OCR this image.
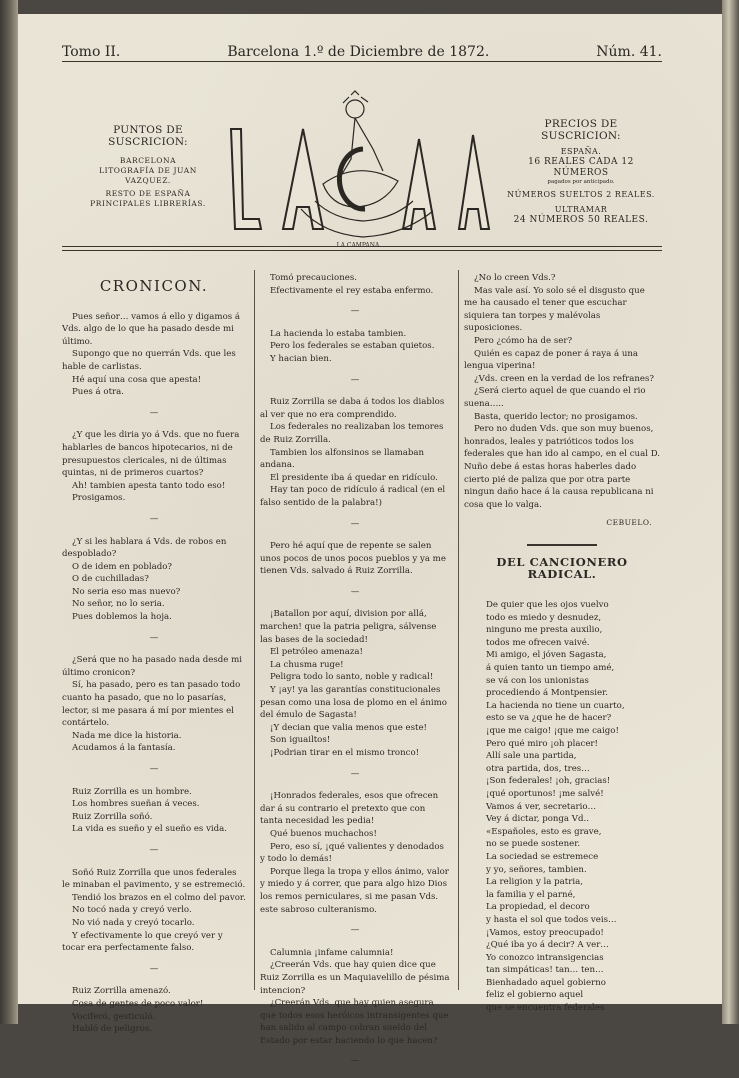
Tomo II.	Barcelona 1.º de Diciembre de 1872.	Núm. 41.
PUNTOS DE SUSCRICION:
BARCELONA
LITOGRAFÍA DE JUAN VAZQUEZ.
RESTO DE ESPAÑA
PRINCIPALES LIBRERÍAS.
LA CAMPANA
PRECIOS DE SUSCRICION:
ESPAÑA.
16 REALES CADA 12 NÚMEROS
pagados por anticipado.
NÚMEROS SUELTOS 2 REALES.
ULTRAMAR
24 NÚMEROS 50 REALES.
CRONICON.

Pues señor… vamos á ello y digamos á Vds. algo de lo que ha pasado desde mi último.

Supongo que no querrán Vds. que les hable de carlistas.

Hé aquí una cosa que apesta!

Pues á otra.

—

¿Y que les diria yo á Vds. que no fuera hablarles de bancos hipotecarios, ni de presupuestos clericales, ni de últimas quintas, ni de primeros cuartos?

Ah! tambien apesta tanto todo eso!

Prosigamos.

—

¿Y si les hablara á Vds. de robos en despoblado?

O de idem en poblado?

O de cuchilladas?

No seria eso mas nuevo?

No señor, no lo seria.

Pues doblemos la hoja.

—

¿Será que no ha pasado nada desde mi último cronicon?

Sí, ha pasado, pero es tan pasado todo cuanto ha pasado, que no lo pasarías, lector, si me pasara á mí por mientes el contártelo.

Nada me dice la historia.

Acudamos á la fantasía.

—

Ruiz Zorrilla es un hombre.

Los hombres sueñan á veces.

Ruiz Zorrilla soñó.

La vida es sueño y el sueño es vida.

—

Soñó Ruiz Zorrilla que unos federales le minaban el pavimento, y se estremeció.

Tendió los brazos en el colmo del pavor.

No tocó nada y creyó verlo.

No vió nada y creyó tocarlo.

Y efectivamente lo que creyó ver y tocar era perfectamente falso.

—

Ruiz Zorrilla amenazó.

Cosa de gentes de poco valor!

Vociferó, gesticuló.

Habló de peligros.

Tomó precauciones.

Efectivamente el rey estaba enfermo.

—

La hacienda lo estaba tambien.

Pero los federales se estaban quietos.

Y hacian bien.

—

Ruiz Zorrilla se daba á todos los diablos al ver que no era comprendido.

Los federales no realizaban los temores de Ruiz Zorrilla.

Tambien los alfonsinos se llamaban andana.

El presidente iba á quedar en ridículo.

Hay tan poco de ridículo á radical (en el falso sentido de la palabra!)

—

Pero hé aquí que de repente se salen unos pocos de unos pocos pueblos y ya me tienen Vds. salvado á Ruiz Zorrilla.

—

¡Batallon por aquí, division por allá, marchen! que la patria peligra, sálvense las bases de la sociedad!

El petróleo amenaza!

La chusma ruge!

Peligra todo lo santo, noble y radical!

Y ¡ay! ya las garantías constitucionales pesan como una losa de plomo en el ánimo del émulo de Sagasta!

¡Y decian que valia menos que este!

Son iguailtos!

¡Podrian tirar en el mismo tronco!

—

¡Honrados federales, esos que ofrecen dar á su contrario el pretexto que con tanta necesidad les pedia!

Qué buenos muchachos!

Pero, eso sí, ¡qué valientes y denodados y todo lo demás!

Porque llega la tropa y ellos ánimo, valor y miedo y á correr, que para algo hizo Dios los remos perniculares, si me pasan Vds. este sabroso culteranismo.

—

Calumnia ¡infame calumnia!

¿Creerán Vds. que hay quien dice que Ruiz Zorrilla es un Maquiavelillo de pésima intencion?

¿Creerán Vds. que hay quien asegura que todos esos heróicos intransigentes que han salido al campo cobran sueldo del Estado por estar haciendo lo que hacen?

—

¿No lo creen Vds.?

Mas vale así. Yo solo sé el disgusto que me ha causado el tener que escuchar siquiera tan torpes y malévolas suposiciones.

Pero ¿cómo ha de ser?

Quién es capaz de poner á raya á una lengua viperina!

¿Vds. creen en la verdad de los refranes?

¿Será cierto aquel de que cuando el rio suena…..

Basta, querido lector; no prosigamos.

Pero no duden Vds. que son muy buenos, honrados, leales y patrióticos todos los federales que han ido al campo, en el cual D. Nuño debe á estas horas haberles dado cierto pié de paliza que por otra parte ningun daño hace á la causa republicana ni cosa que lo valga.

CEBUELO.
DEL CANCIONERO RADICAL.

De quier que les ojos vuelvo

todo es miedo y desnudez,

ninguno me presta auxilio,

todos me ofrecen vaivé.

Mi amigo, el jóven Sagasta,

á quien tanto un tiempo amé,

se vá con los unionistas

procediendo á Montpensier.

La hacienda no tiene un cuarto,

esto se va ¿que he de hacer?

¡que me caigo! ¡que me caigo!

Pero qué miro ¡oh placer!

Allí sale una partida,

otra partida, dos, tres…

¡Son federales! ¡oh, gracias!

¡qué oportunos! ¡me salvé!

Vamos á ver, secretario…

Vey á dictar, ponga Vd..

«Españoles, esto es grave,

no se puede sostener.

La sociedad se estremece

y yo, señores, tambien.

La religion y la patria,

la familia y el parné,

La propiedad, el decoro

y hasta el sol que todos veis…

¡Vamos, estoy preocupado!

¿Qué iba yo á decir? A ver…

Yo conozco intransigencias

tan simpáticas! tan… ten…

Bienhadado aquel gobierno

feliz el gobierno aquel

que se encuentra federales
